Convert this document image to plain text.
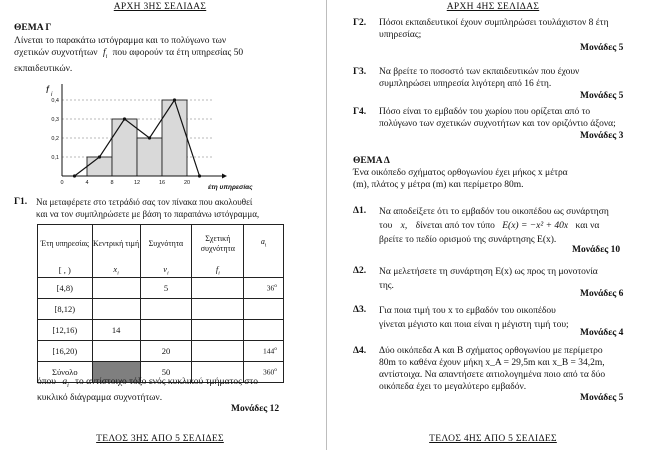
ΑΡΧΗ 3ΗΣ ΣΕΛΙΔΑΣ
ΘΕΜΑ Γ
Λίνεται το παρακάτω ιστόγραμμα και το πολύγωνο των
σχετικών συχνοτήτων $f_i$ που αφορούν τα έτη υπηρεσίας 50
εκπαιδευτικών.
0,1
0,2
0,3
0,4
0	4	8	12	16	20
f i
έτη υπηρεσίας
Γ1. Να μεταφέρετε στο τετράδιό σας τον πίνακα που ακολουθεί
και να τον συμπληρώσετε με βάση το παραπάνω ιστόγραμμα,
Έτη υπηρεσίας	Κεντρική τιμή	Συχνότητα	Σχετική συχνότητα	$a_i$
[ , )	$x_i$	$v_i$	$f_i$	
[4,8)		5		36$^o$
[8,12)				
[12,16)	14			
[16,20)		20		144$^o$
Σύνολο		50		360$^o$
όπου $a_i$ το αντίστοιχο τόξο ενός κυκλικού τμήματος στο
κυκλικό διάγραμμα συχνοτήτων.
Μονάδες 12
ΤΕΛΟΣ 3ΗΣ ΑΠΟ 5 ΣΕΛΙΔΕΣ
ΑΡΧΗ 4ΗΣ ΣΕΛΙΔΑΣ
Γ2. Πόσοι εκπαιδευτικοί έχουν συμπληρώσει τουλάχιστον 8 έτη
υπηρεσίας;
Μονάδες 5
Γ3. Να βρείτε το ποσοστό των εκπαιδευτικών που έχουν
συμπληρώσει υπηρεσία λιγότερη από 16 έτη.
Μονάδες 5
Γ4. Πόσο είναι το εμβαδόν του χωρίου που ορίζεται από το
πολύγωνο των σχετικών συχνοτήτων και τον οριζόντιο άξονα;
Μονάδες 3
ΘΕΜΑ Δ
Ένα οικόπεδο σχήματος ορθογωνίου έχει μήκος x μέτρα
(m), πλάτος y μέτρα (m) και περίμετρο 80m.
Δ1. Να αποδείξετε ότι το εμβαδόν του οικοπέδου ως συνάρτηση
του x, δίνεται από τον τύπο E(x) = −x² + 40x και να
βρείτε το πεδίο ορισμού της συνάρτησης E(x).
Μονάδες 10
Δ2. Να μελετήσετε τη συνάρτηση E(x) ως προς τη μονοτονία
της.
Μονάδες 6
Δ3. Για ποια τιμή του x το εμβαδόν του οικοπέδου
γίνεται μέγιστο και ποια είναι η μέγιστη τιμή του;
Μονάδες 4
Δ4. Δύο οικόπεδα Α και Β σχήματος ορθογωνίου με περίμετρο
80m το καθένα έχουν μήκη x_A = 29,5m και x_B = 34,2m,
αντίστοιχα. Να απαντήσετε αιτιολογημένα ποιο από τα δύο
οικόπεδα έχει το μεγαλύτερο εμβαδόν.
Μονάδες 5
ΤΕΛΟΣ 4ΗΣ ΑΠΟ 5 ΣΕΛΙΔΕΣ
